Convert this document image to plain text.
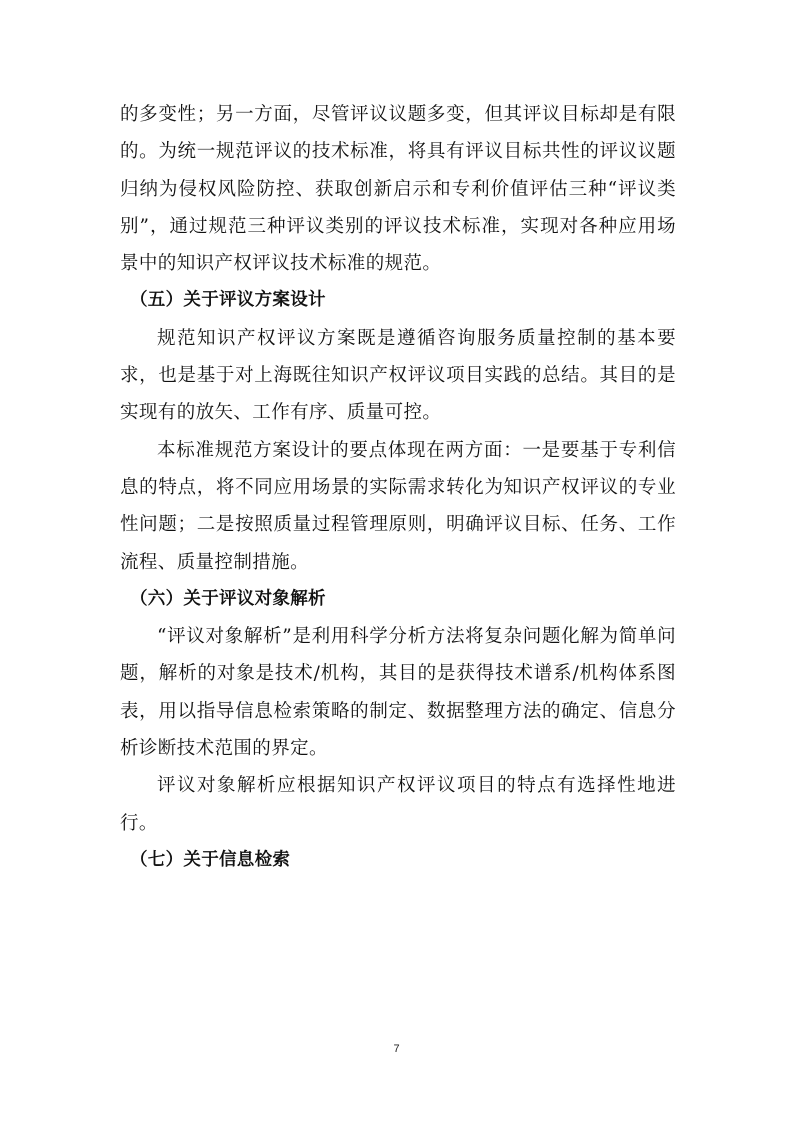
的多变性；另一方面，尽管评议议题多变，但其评议目标却是有限的。为统一规范评议的技术标准，将具有评议目标共性的评议议题归纳为侵权风险防控、获取创新启示和专利价值评估三种“评议类别”，通过规范三种评议类别的评议技术标准，实现对各种应用场景中的知识产权评议技术标准的规范。

（五）关于评议方案设计

规范知识产权评议方案既是遵循咨询服务质量控制的基本要求，也是基于对上海既往知识产权评议项目实践的总结。其目的是实现有的放矢、工作有序、质量可控。

本标准规范方案设计的要点体现在两方面：一是要基于专利信息的特点，将不同应用场景的实际需求转化为知识产权评议的专业性问题；二是按照质量过程管理原则，明确评议目标、任务、工作流程、质量控制措施。

（六）关于评议对象解析

“评议对象解析”是利用科学分析方法将复杂问题化解为简单问题，解析的对象是技术/机构，其目的是获得技术谱系/机构体系图表，用以指导信息检索策略的制定、数据整理方法的确定、信息分析诊断技术范围的界定。

评议对象解析应根据知识产权评议项目的特点有选择性地进行。

（七）关于信息检索

7
